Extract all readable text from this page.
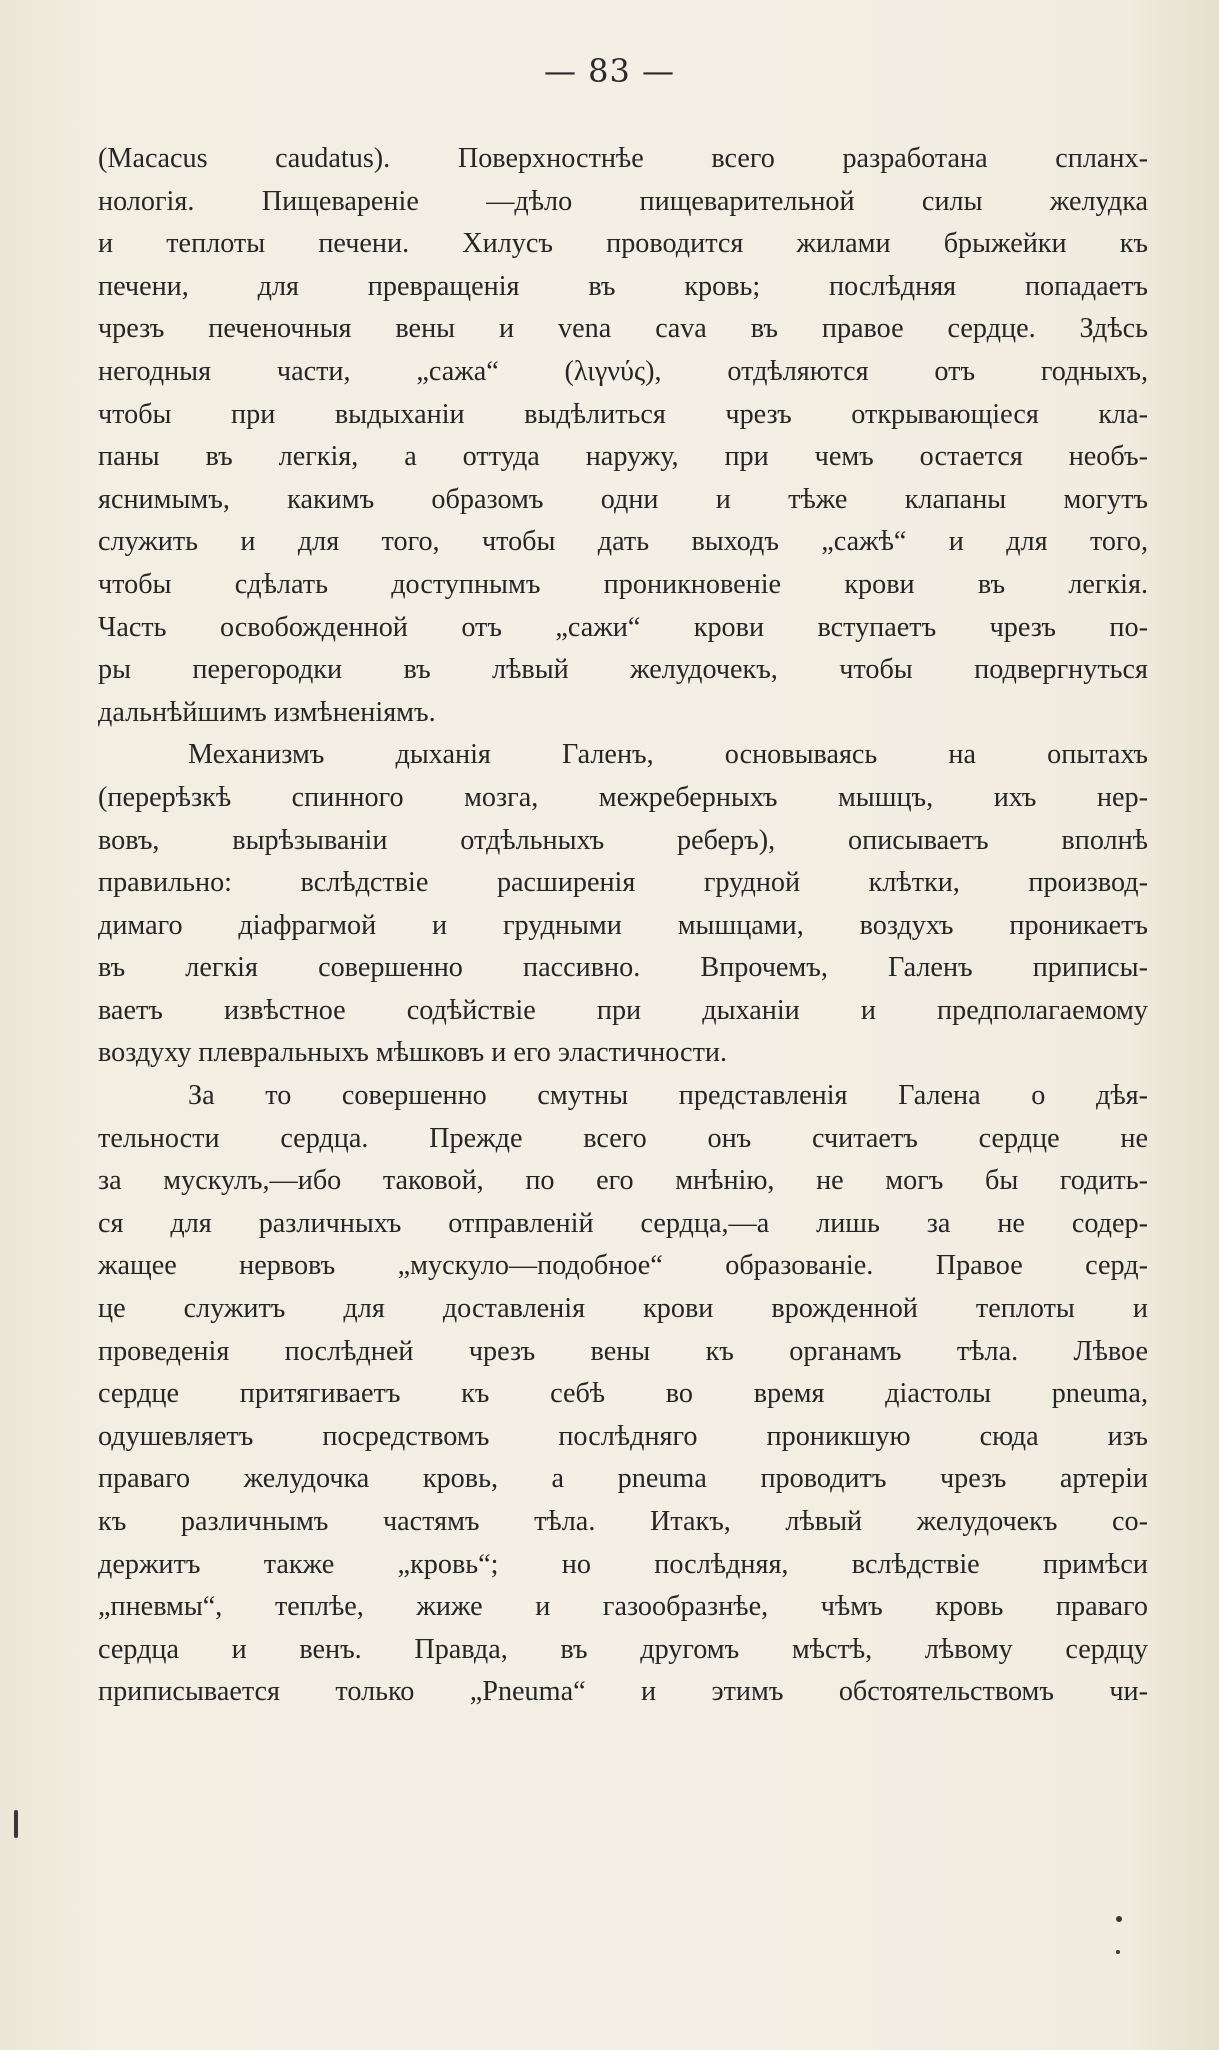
— 83 —
(Macacus caudatus). Поверхностнѣе всего разработана спланх-
нологія. Пищевареніе —дѣло пищеварительной силы желудка
и теплоты печени. Хилусъ проводится жилами брыжейки къ
печени, для превращенія въ кровь; послѣдняя попадаетъ
чрезъ печеночныя вены и vena cava въ правое сердце. Здѣсь
негодныя части, „сажа“ (λιγνύς), отдѣляются отъ годныхъ,
чтобы при выдыханіи выдѣлиться чрезъ открывающіеся кла-
паны въ легкія, а оттуда наружу, при чемъ остается необъ-
яснимымъ, какимъ образомъ одни и тѣже клапаны могутъ
служить и для того, чтобы дать выходъ „сажѣ“ и для того,
чтобы сдѣлать доступнымъ проникновеніе крови въ легкія.
Часть освобожденной отъ „сажи“ крови вступаетъ чрезъ по-
ры перегородки въ лѣвый желудочекъ, чтобы подвергнуться
дальнѣйшимъ измѣненіямъ.
Механизмъ дыханія Галенъ, основываясь на опытахъ
(перерѣзкѣ спинного мозга, межреберныхъ мышцъ, ихъ нер-
вовъ, вырѣзываніи отдѣльныхъ реберъ), описываетъ вполнѣ
правильно: вслѣдствіе расширенія грудной клѣтки, производ-
димаго діафрагмой и грудными мышцами, воздухъ проникаетъ
въ легкія совершенно пассивно. Впрочемъ, Галенъ приписы-
ваетъ извѣстное содѣйствіе при дыханіи и предполагаемому
воздуху плевральныхъ мѣшковъ и его эластичности.
За то совершенно смутны представленія Галена о дѣя-
тельности сердца. Прежде всего онъ считаетъ сердце не
за мускулъ,—ибо таковой, по его мнѣнію, не могъ бы годить-
ся для различныхъ отправленій сердца,—а лишь за не содер-
жащее нервовъ „мускуло—подобное“ образованіе. Правое серд-
це служитъ для доставленія крови врожденной теплоты и
проведенія послѣдней чрезъ вены къ органамъ тѣла. Лѣвое
сердце притягиваетъ къ себѣ во время діастолы pneuma,
одушевляетъ посредствомъ послѣдняго проникшую сюда изъ
праваго желудочка кровь, а pneuma проводитъ чрезъ артеріи
къ различнымъ частямъ тѣла. Итакъ, лѣвый желудочекъ со-
держитъ также „кровь“; но послѣдняя, вслѣдствіе примѣси
„пневмы“, теплѣе, жиже и газообразнѣе, чѣмъ кровь праваго
сердца и венъ. Правда, въ другомъ мѣстѣ, лѣвому сердцу
приписывается только „Pneuma“ и этимъ обстоятельствомъ чи-
